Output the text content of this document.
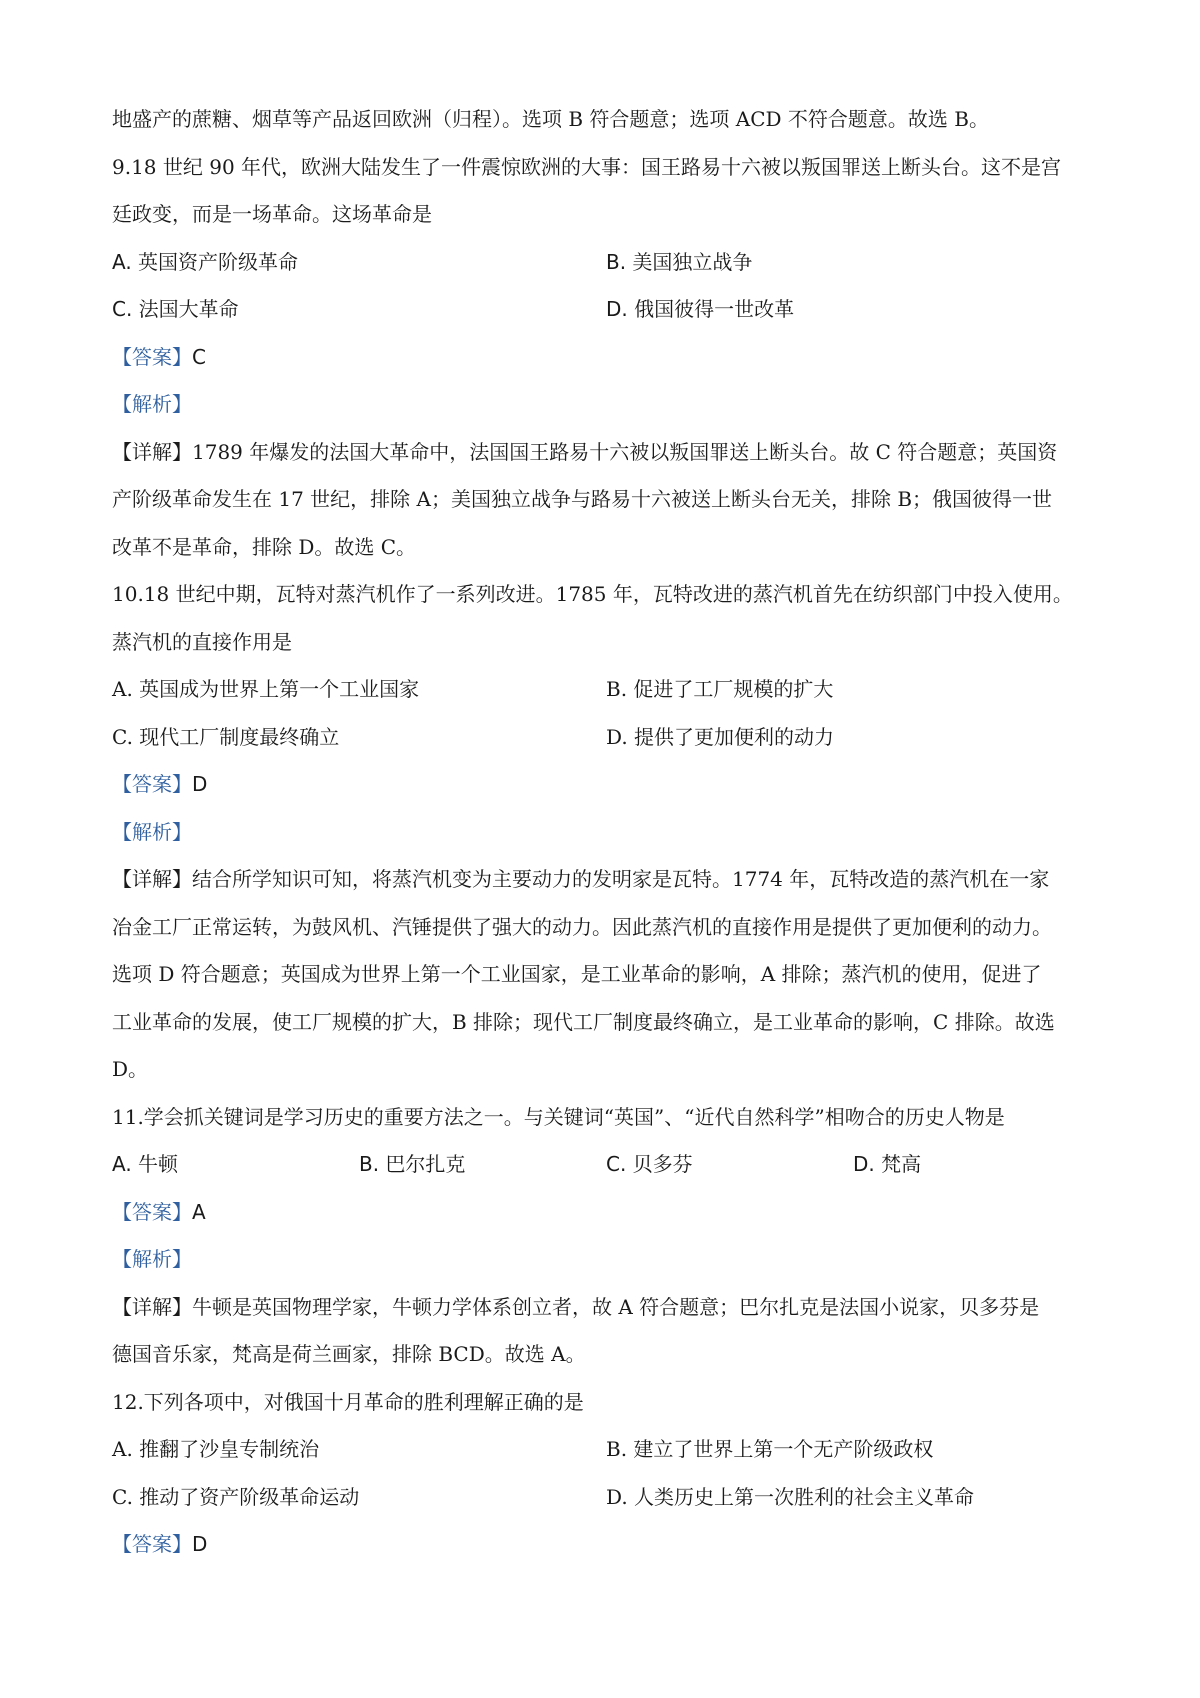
地盛产的蔗糖、烟草等产品返回欧洲（归程）。选项 B 符合题意；选项 ACD 不符合题意。故选 B。

9.18 世纪 90 年代，欧洲大陆发生了一件震惊欧洲的大事：国王路易十六被以叛国罪送上断头台。这不是宫

廷政变，而是一场革命。这场革命是

A. 英国资产阶级革命	B. 美国独立战争
C. 法国大革命	D. 俄国彼得一世改革

【答案】C

【解析】

【详解】1789 年爆发的法国大革命中，法国国王路易十六被以叛国罪送上断头台。故 C 符合题意；英国资

产阶级革命发生在 17 世纪，排除 A；美国独立战争与路易十六被送上断头台无关，排除 B；俄国彼得一世

改革不是革命，排除 D。故选 C。

10.18 世纪中期，瓦特对蒸汽机作了一系列改进。1785 年，瓦特改进的蒸汽机首先在纺织部门中投入使用。

蒸汽机的直接作用是

A. 英国成为世界上第一个工业国家	B. 促进了工厂规模的扩大
C. 现代工厂制度最终确立	D. 提供了更加便利的动力

【答案】D

【解析】

【详解】结合所学知识可知，将蒸汽机变为主要动力的发明家是瓦特。1774 年，瓦特改造的蒸汽机在一家

冶金工厂正常运转，为鼓风机、汽锤提供了强大的动力。因此蒸汽机的直接作用是提供了更加便利的动力。

选项 D 符合题意；英国成为世界上第一个工业国家，是工业革命的影响，A 排除；蒸汽机的使用，促进了

工业革命的发展，使工厂规模的扩大，B 排除；现代工厂制度最终确立，是工业革命的影响，C 排除。故选

D。

11.学会抓关键词是学习历史的重要方法之一。与关键词“英国”、“近代自然科学”相吻合的历史人物是

A. 牛顿	B. 巴尔扎克	C. 贝多芬	D. 梵高

【答案】A

【解析】

【详解】牛顿是英国物理学家，牛顿力学体系创立者，故 A 符合题意；巴尔扎克是法国小说家，贝多芬是

德国音乐家，梵高是荷兰画家，排除 BCD。故选 A。

12.下列各项中，对俄国十月革命的胜利理解正确的是

A. 推翻了沙皇专制统治	B. 建立了世界上第一个无产阶级政权
C. 推动了资产阶级革命运动	D. 人类历史上第一次胜利的社会主义革命

【答案】D
